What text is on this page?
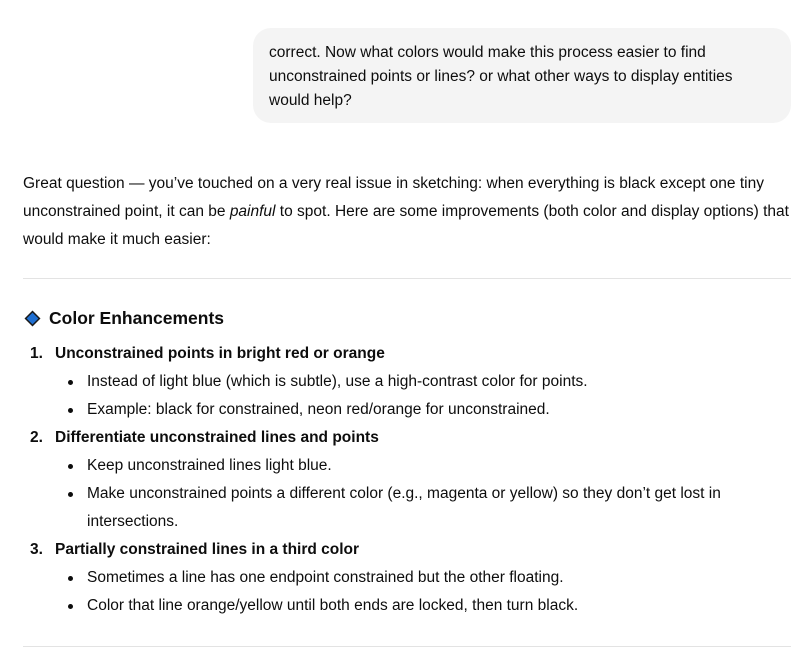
correct. Now what colors would make this process easier to find unconstrained points or lines? or what other ways to display entities would help?

Great question — you’ve touched on a very real issue in sketching: when everything is black except one tiny unconstrained point, it can be painful to spot. Here are some improvements (both color and display options) that would make it much easier:

Color Enhancements
1. Unconstrained points in bright red or orange
Instead of light blue (which is subtle), use a high-contrast color for points.
Example: black for constrained, neon red/orange for unconstrained.
2. Differentiate unconstrained lines and points
Keep unconstrained lines light blue.
Make unconstrained points a different color (e.g., magenta or yellow) so they don’t get lost in intersections.
3. Partially constrained lines in a third color
Sometimes a line has one endpoint constrained but the other floating.
Color that line orange/yellow until both ends are locked, then turn black.
